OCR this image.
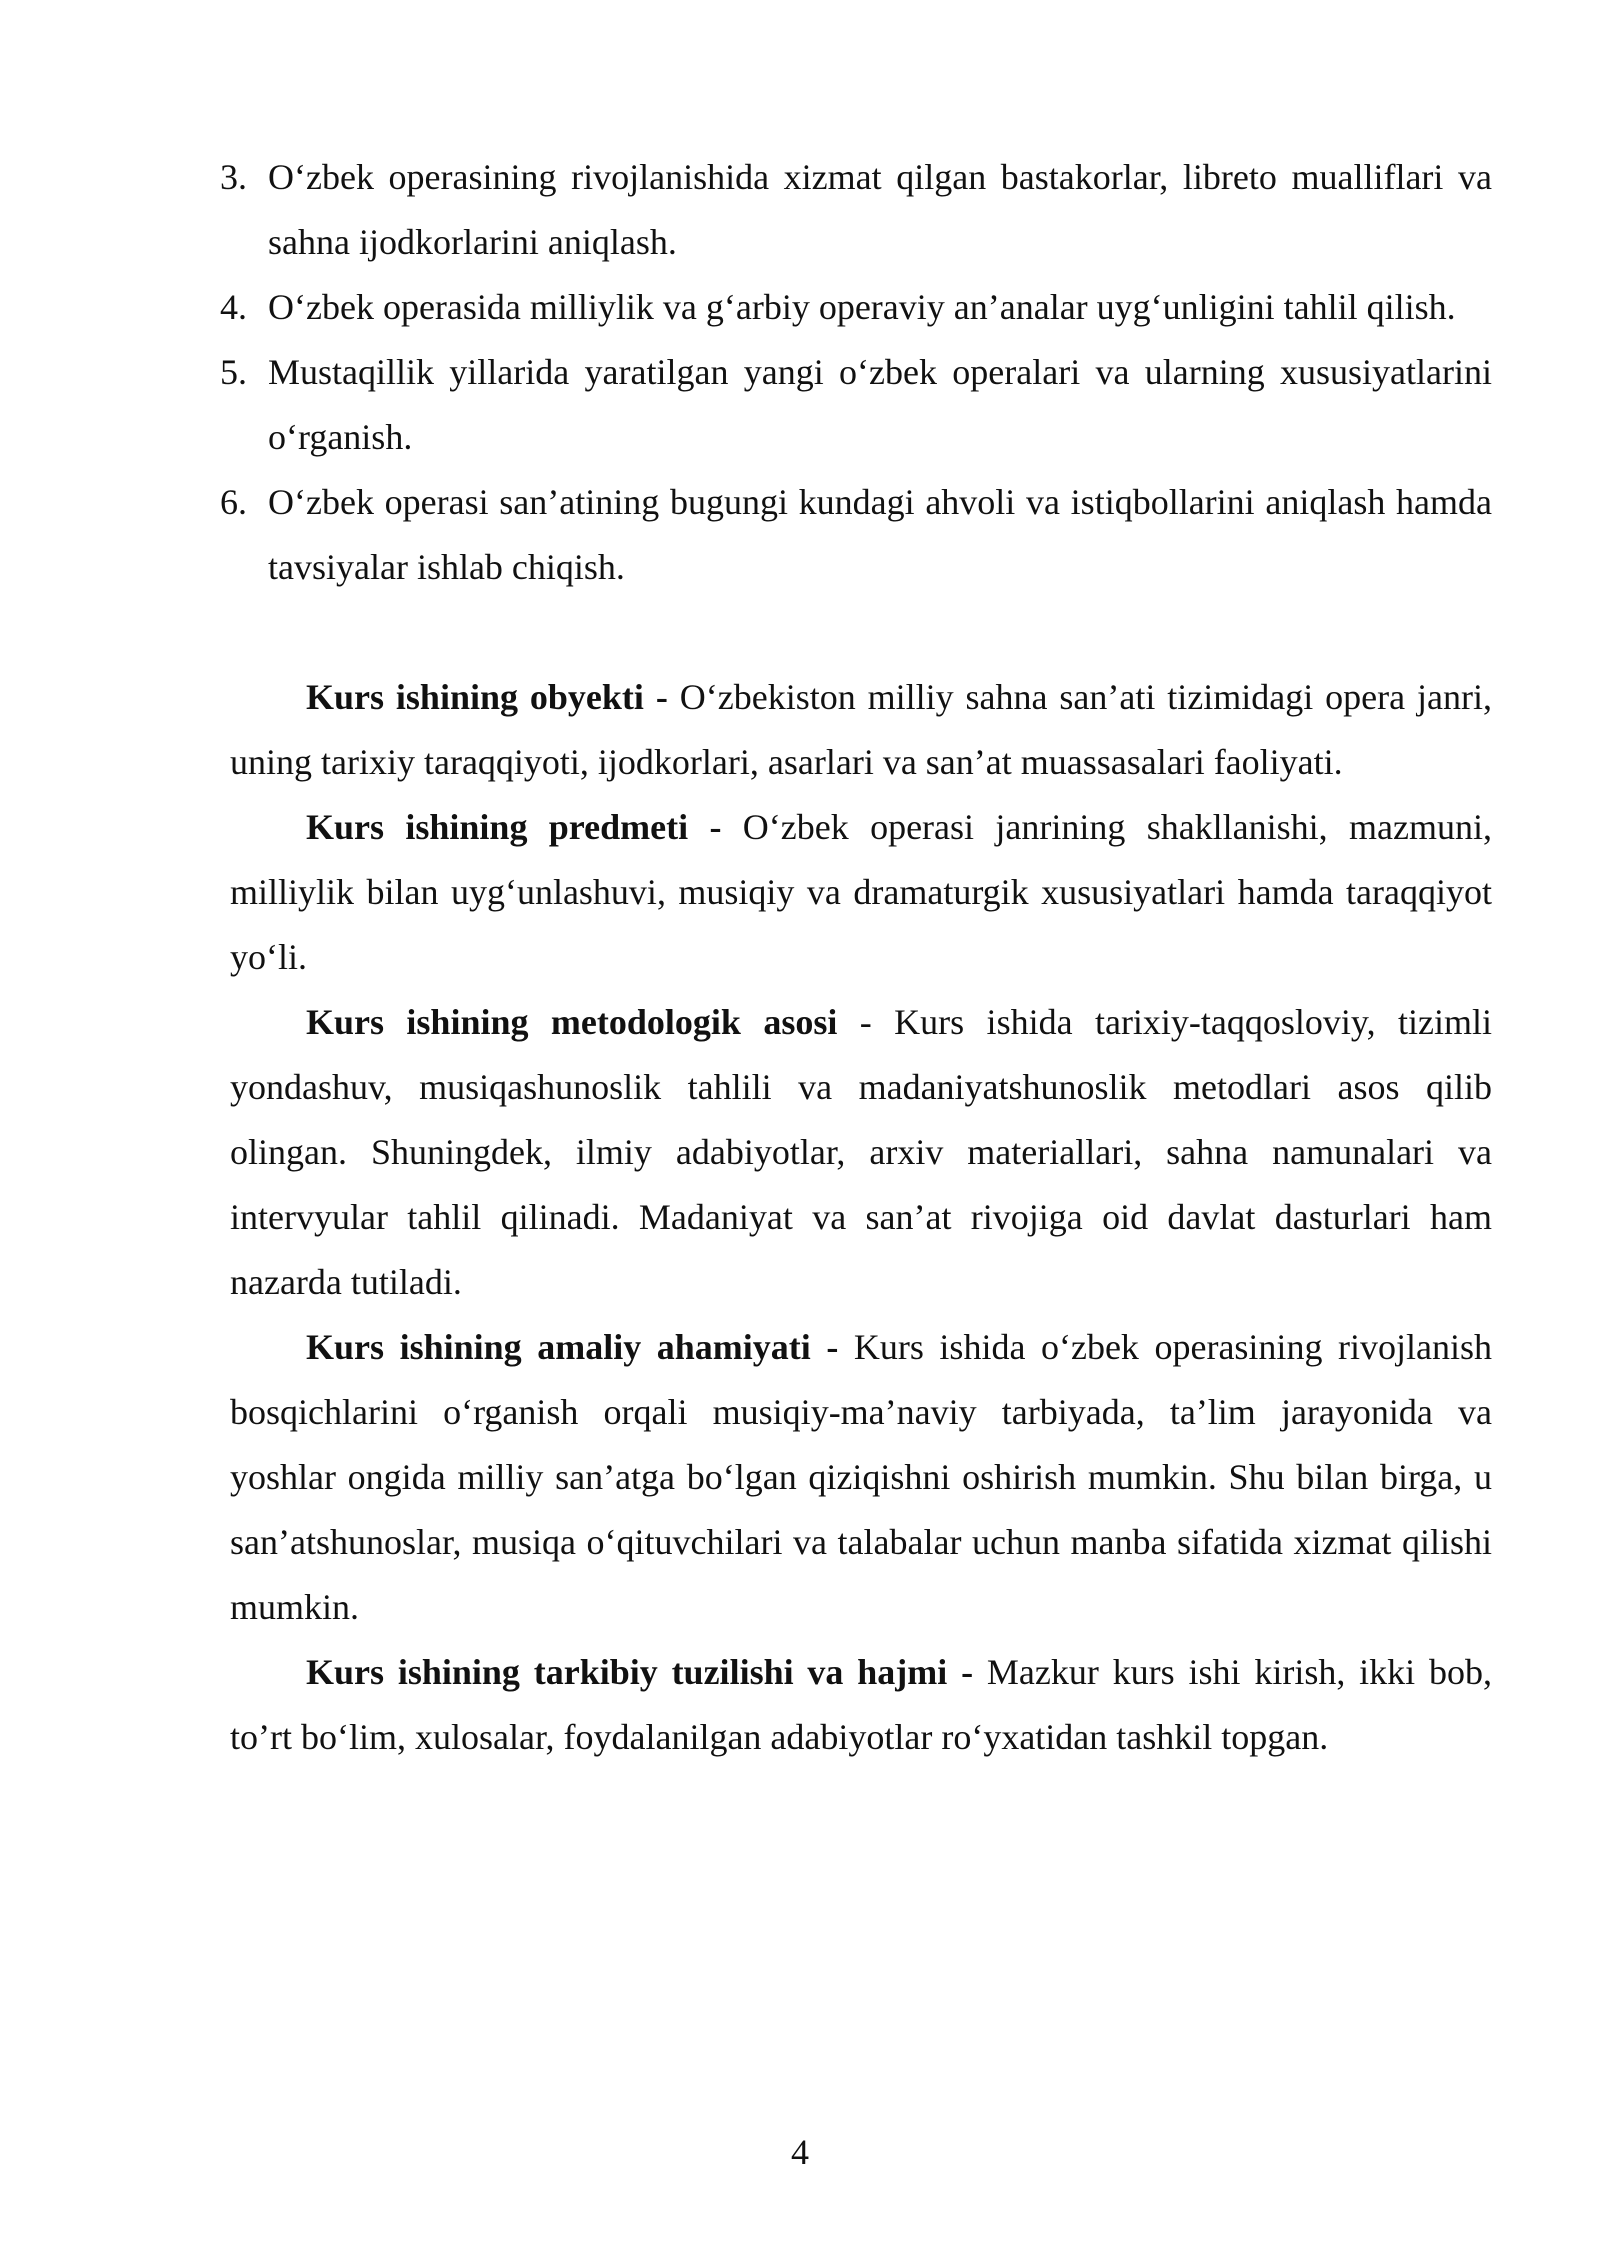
3. O‘zbek operasining rivojlanishida xizmat qilgan bastakorlar, libreto mualliflari va sahna ijodkorlarini aniqlash.
4. O‘zbek operasida milliylik va g‘arbiy operaviy an’analar uyg‘unligini tahlil qilish.
5. Mustaqillik yillarida yaratilgan yangi o‘zbek operalari va ularning xususiyatlarini o‘rganish.
6. O‘zbek operasi san’atining bugungi kundagi ahvoli va istiqbollarini aniqlash hamda tavsiyalar ishlab chiqish.

Kurs ishining obyekti - O‘zbekiston milliy sahna san’ati tizimidagi opera janri, uning tarixiy taraqqiyoti, ijodkorlari, asarlari va san’at muassasalari faoliyati.

Kurs ishining predmeti - O‘zbek operasi janrining shakllanishi, mazmuni, milliylik bilan uyg‘unlashuvi, musiqiy va dramaturgik xususiyatlari hamda taraqqiyot yo‘li.

Kurs ishining metodologik asosi - Kurs ishida tarixiy-taqqosloviy, tizimli yondashuv, musiqashunoslik tahlili va madaniyatshunoslik metodlari asos qilib olingan. Shuningdek, ilmiy adabiyotlar, arxiv materiallari, sahna namunalari va intervyular tahlil qilinadi. Madaniyat va san’at rivojiga oid davlat dasturlari ham nazarda tutiladi.

Kurs ishining amaliy ahamiyati - Kurs ishida o‘zbek operasining rivojlanish bosqichlarini o‘rganish orqali musiqiy-ma’naviy tarbiyada, ta’lim jarayonida va yoshlar ongida milliy san’atga bo‘lgan qiziqishni oshirish mumkin. Shu bilan birga, u san’atshunoslar, musiqa o‘qituvchilari va talabalar uchun manba sifatida xizmat qilishi mumkin.

Kurs ishining tarkibiy tuzilishi va hajmi - Mazkur kurs ishi kirish, ikki bob, to’rt bo‘lim, xulosalar, foydalanilgan adabiyotlar ro‘yxatidan tashkil topgan.

4
